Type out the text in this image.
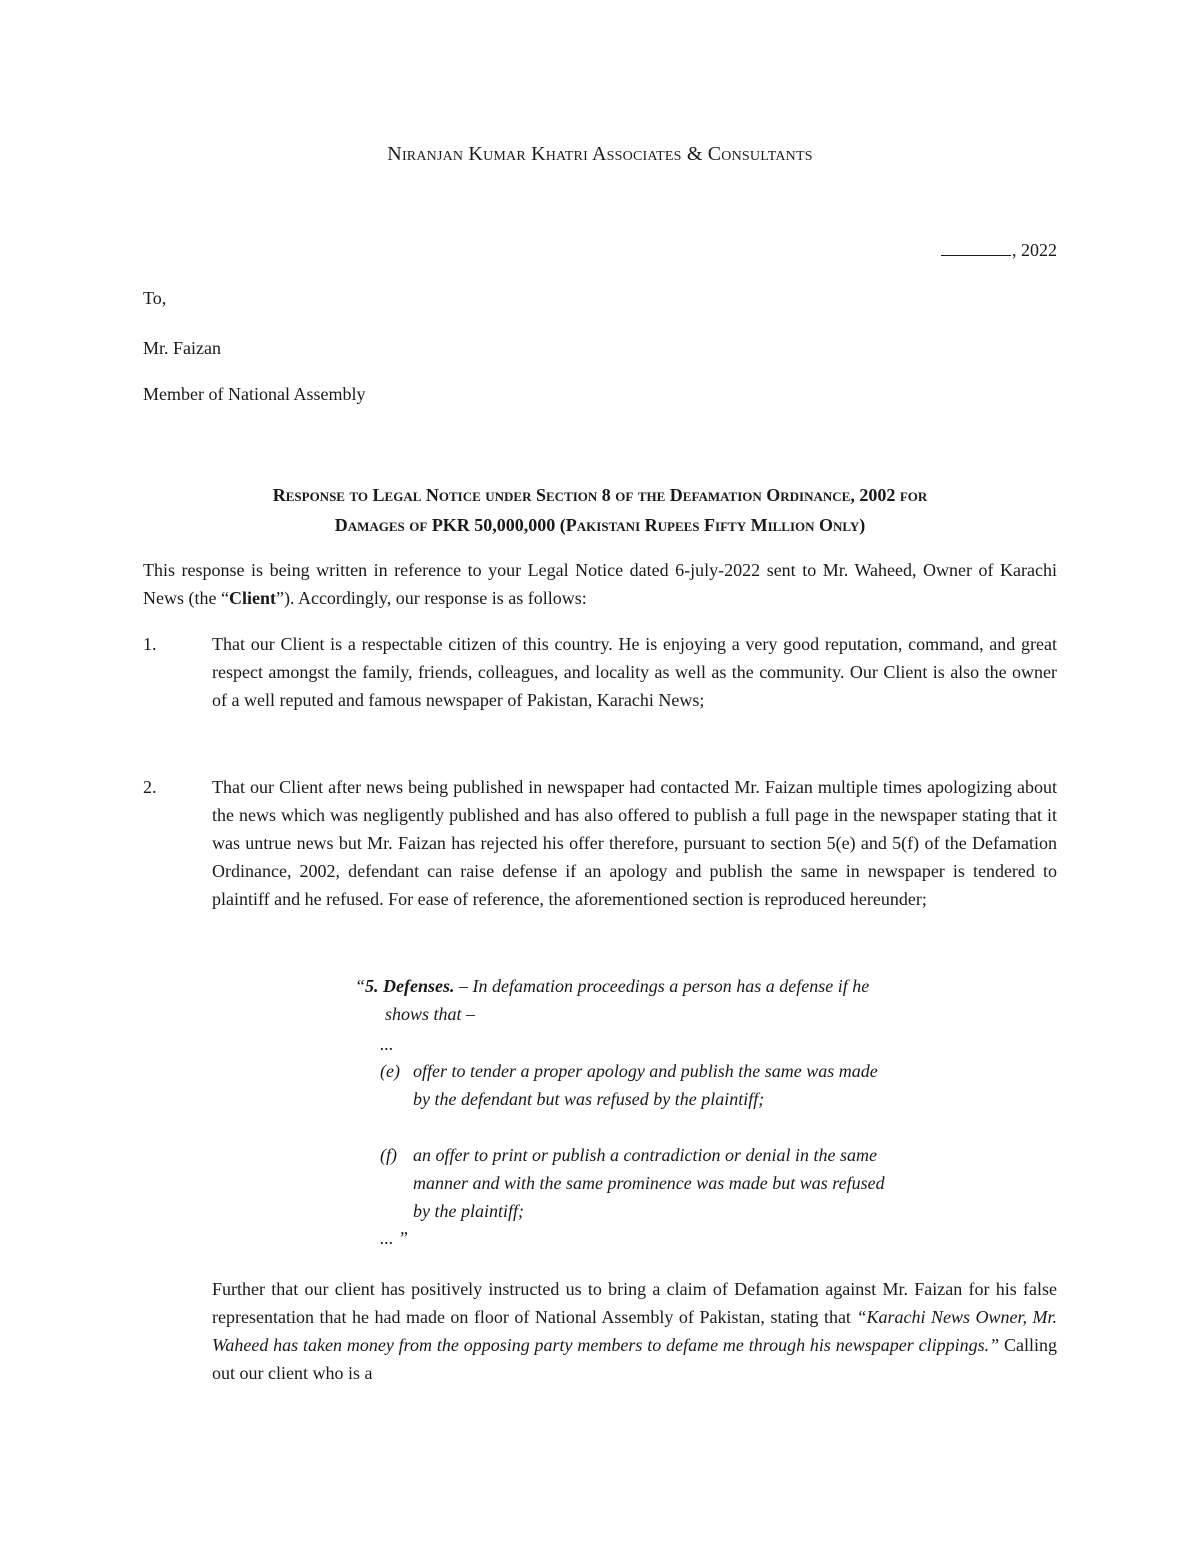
Niranjan Kumar Khatri Associates & Consultants
, 2022
To,
Mr. Faizan
Member of National Assembly
Response to Legal Notice under Section 8 of the Defamation Ordinance, 2002 for
Damages of PKR 50,000,000 (Pakistani Rupees Fifty Million Only)
This response is being written in reference to your Legal Notice dated 6-july-2022 sent to Mr. Waheed, Owner of Karachi News (the “Client”). Accordingly, our response is as follows:
1.	That our Client is a respectable citizen of this country. He is enjoying a very good reputation, command, and great respect amongst the family, friends, colleagues, and locality as well as the community. Our Client is also the owner of a well reputed and famous newspaper of Pakistan, Karachi News;
2.	That our Client after news being published in newspaper had contacted Mr. Faizan multiple times apologizing about the news which was negligently published and has also offered to publish a full page in the newspaper stating that it was untrue news but Mr. Faizan has rejected his offer therefore, pursuant to section 5(e) and 5(f) of the Defamation Ordinance, 2002, defendant can raise defense if an apology and publish the same in newspaper is tendered to plaintiff and he refused. For ease of reference, the aforementioned section is reproduced hereunder;
“5. Defenses. – In defamation proceedings a person has a defense if he
shows that –
...
(e) offer to tender a proper apology and publish the same was made
by the defendant but was refused by the plaintiff;
(f) an offer to print or publish a contradiction or denial in the same
manner and with the same prominence was made but was refused
by the plaintiff;
... ”
Further that our client has positively instructed us to bring a claim of Defamation against Mr. Faizan for his false representation that he had made on floor of National Assembly of Pakistan, stating that “Karachi News Owner, Mr. Waheed has taken money from the opposing party members to defame me through his newspaper clippings.” Calling out our client who is a
